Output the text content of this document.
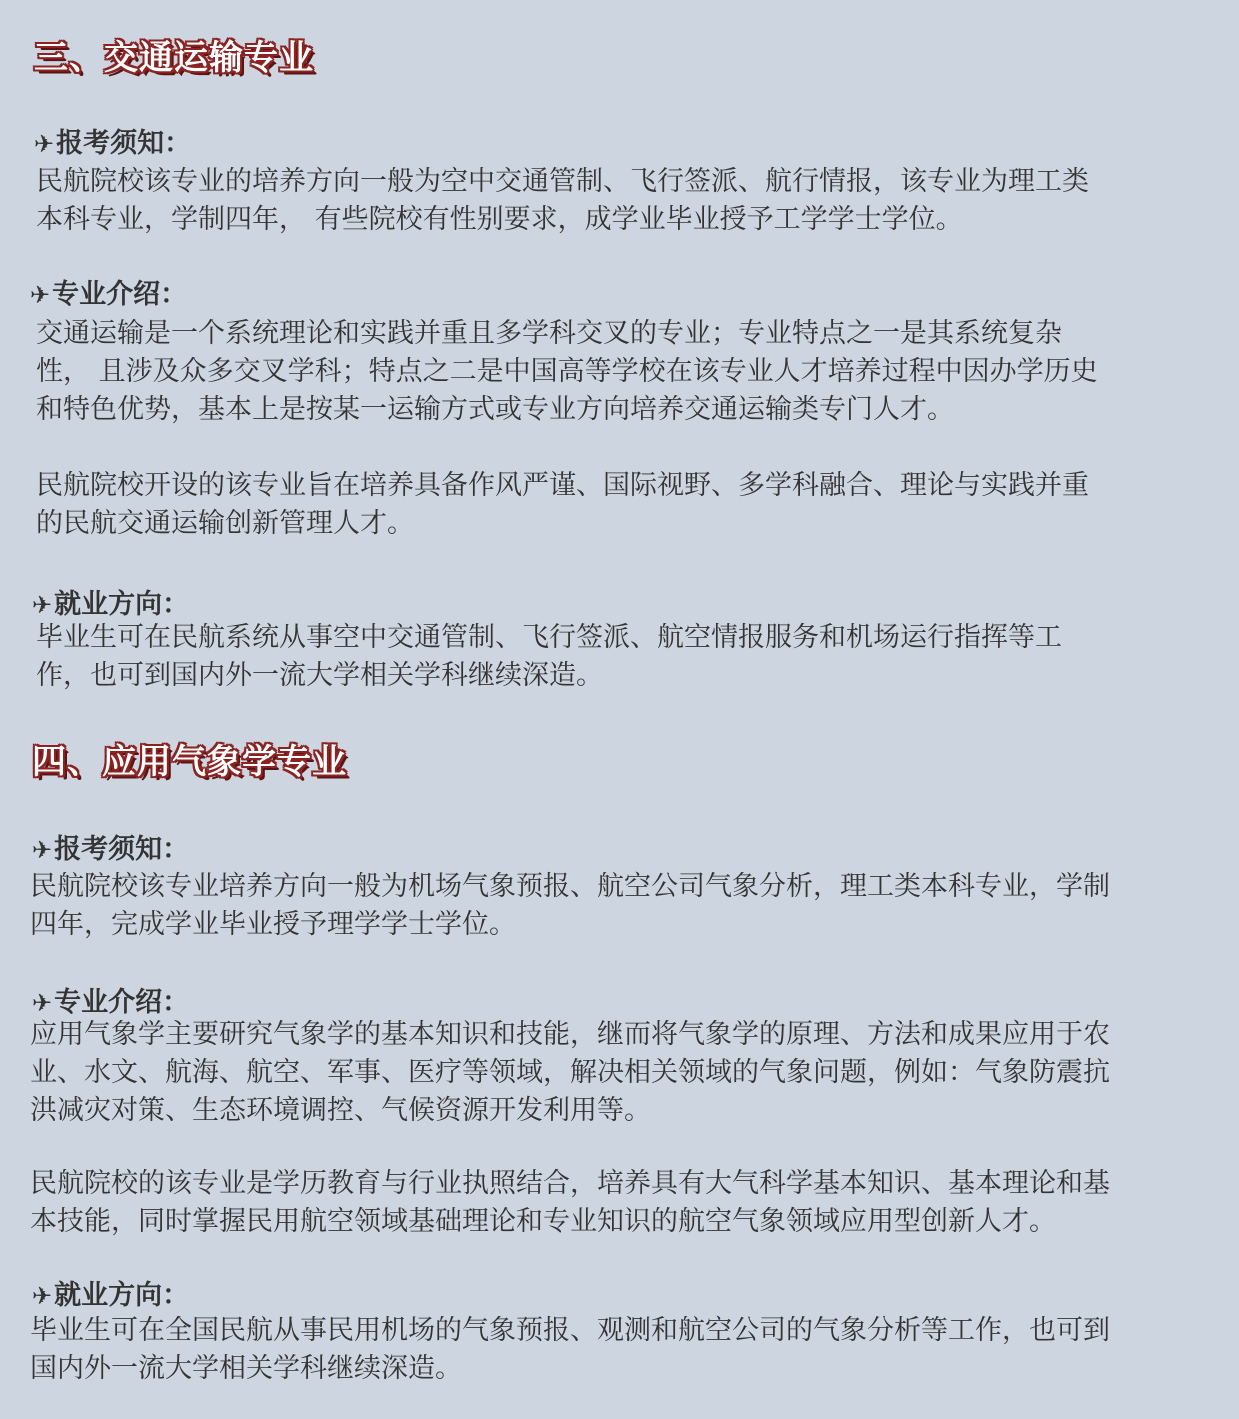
三、交通运输专业
✈报考须知：
民航院校该专业的培养方向一般为空中交通管制、飞行签派、航行情报，该专业为理工类
本科专业，学制四年， 有些院校有性别要求，成学业毕业授予工学学士学位。
✈专业介绍：
交通运输是一个系统理论和实践并重且多学科交叉的专业；专业特点之一是其系统复杂
性， 且涉及众多交叉学科；特点之二是中国高等学校在该专业人才培养过程中因办学历史
和特色优势，基本上是按某一运输方式或专业方向培养交通运输类专门人才。
民航院校开设的该专业旨在培养具备作风严谨、国际视野、多学科融合、理论与实践并重
的民航交通运输创新管理人才。
✈就业方向：
毕业生可在民航系统从事空中交通管制、飞行签派、航空情报服务和机场运行指挥等工
作，也可到国内外一流大学相关学科继续深造。
四、应用气象学专业
✈报考须知：
民航院校该专业培养方向一般为机场气象预报、航空公司气象分析，理工类本科专业，学制
四年，完成学业毕业授予理学学士学位。
✈专业介绍：
应用气象学主要研究气象学的基本知识和技能，继而将气象学的原理、方法和成果应用于农
业、水文、航海、航空、军事、医疗等领域，解决相关领域的气象问题，例如：气象防震抗
洪减灾对策、生态环境调控、气候资源开发利用等。
民航院校的该专业是学历教育与行业执照结合，培养具有大气科学基本知识、基本理论和基
本技能，同时掌握民用航空领域基础理论和专业知识的航空气象领域应用型创新人才。
✈就业方向：
毕业生可在全国民航从事民用机场的气象预报、观测和航空公司的气象分析等工作，也可到
国内外一流大学相关学科继续深造。
